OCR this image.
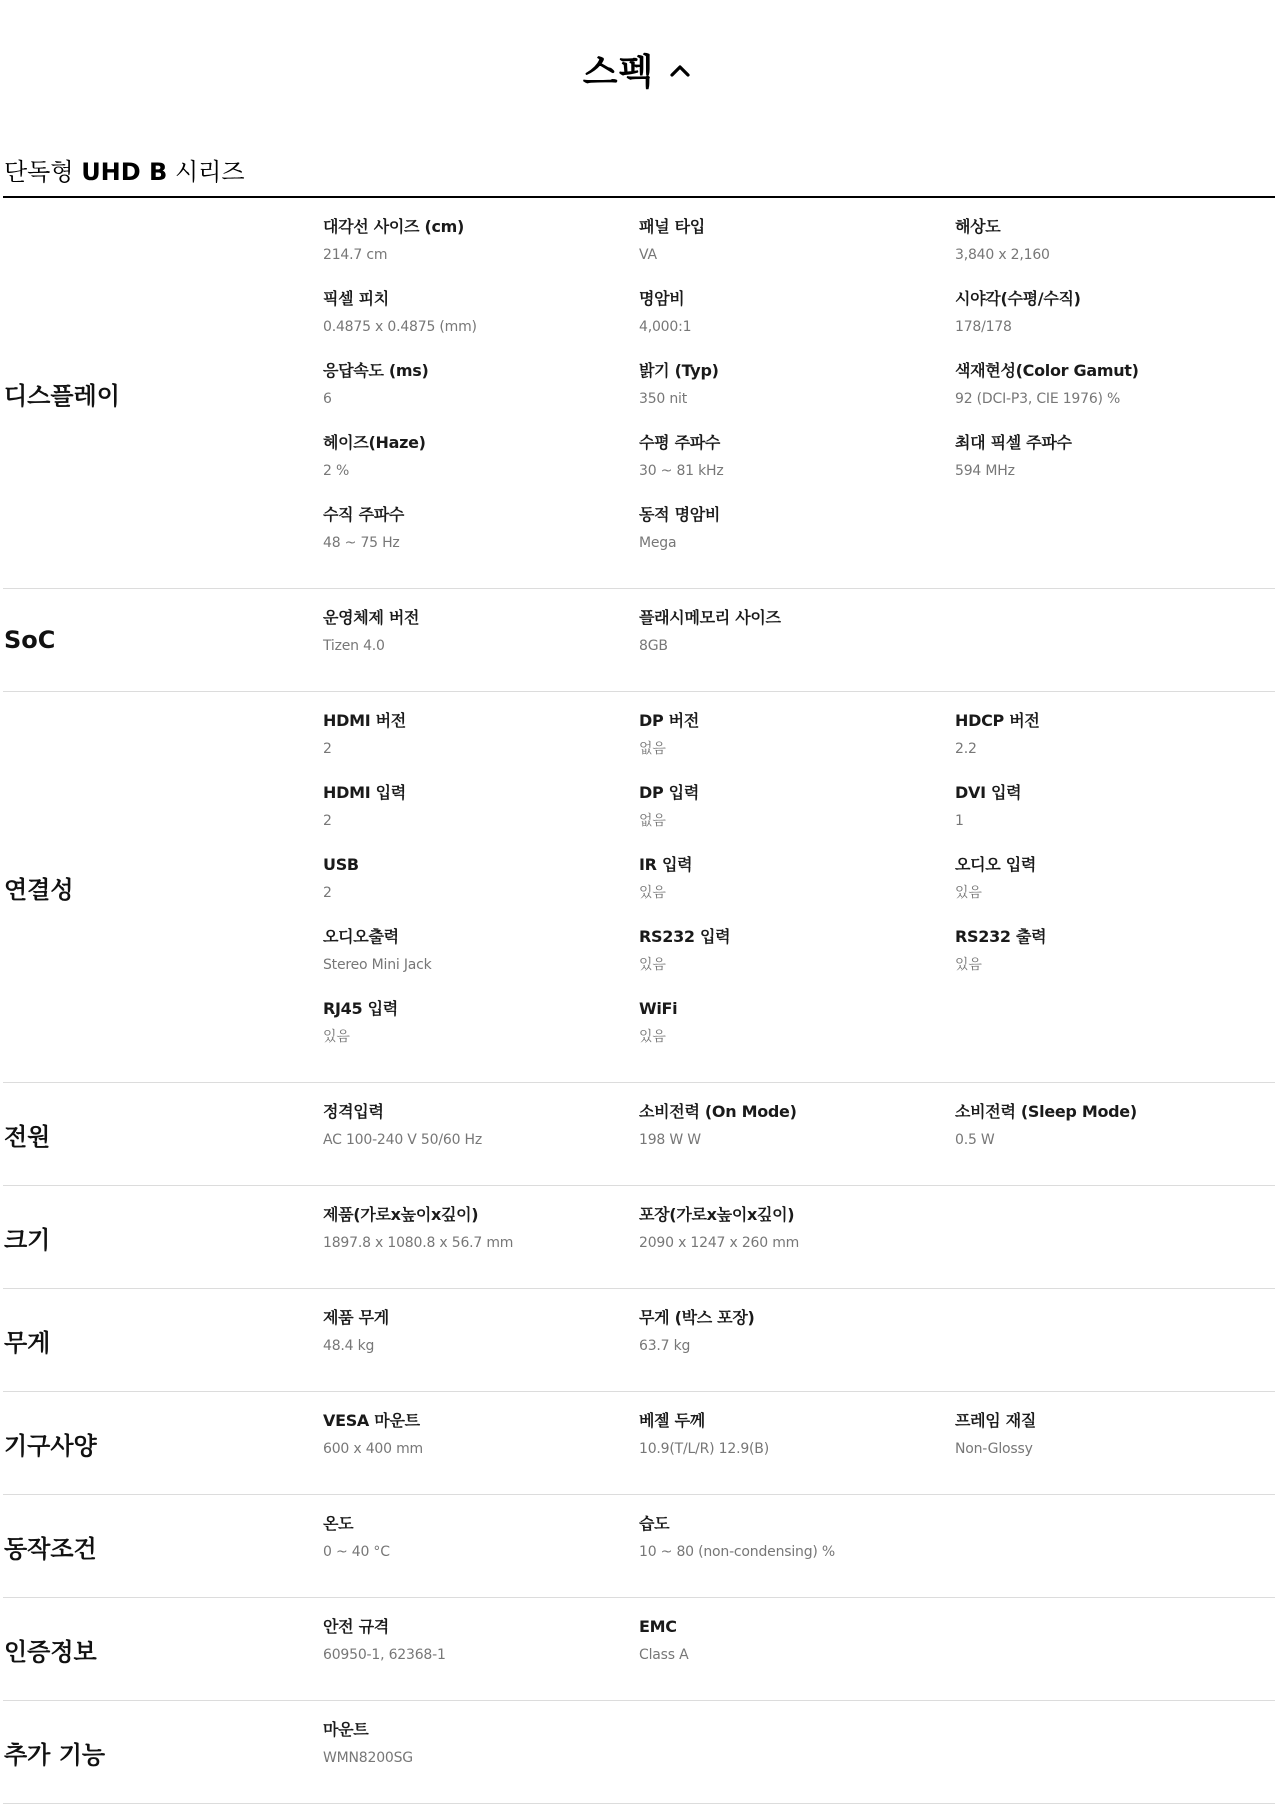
스펙
단독형 UHD B 시리즈
디스플레이
대각선 사이즈 (cm)
214.7 cm
패널 타입
VA
해상도
3,840 x 2,160
픽셀 피치
0.4875 x 0.4875 (mm)
명암비
4,000:1
시야각(수평/수직)
178/178
응답속도 (ms)
6
밝기 (Typ)
350 nit
색재현성(Color Gamut)
92 (DCI-P3, CIE 1976) %
헤이즈(Haze)
2 %
수평 주파수
30 ~ 81 kHz
최대 픽셀 주파수
594 MHz
수직 주파수
48 ~ 75 Hz
동적 명암비
Mega
SoC
운영체제 버전
Tizen 4.0
플래시메모리 사이즈
8GB
연결성
HDMI 버전
2
DP 버전
없음
HDCP 버전
2.2
HDMI 입력
2
DP 입력
없음
DVI 입력
1
USB
2
IR 입력
있음
오디오 입력
있음
오디오출력
Stereo Mini Jack
RS232 입력
있음
RS232 출력
있음
RJ45 입력
있음
WiFi
있음
전원
정격입력
AC 100-240 V 50/60 Hz
소비전력 (On Mode)
198 W W
소비전력 (Sleep Mode)
0.5 W
크기
제품(가로x높이x깊이)
1897.8 x 1080.8 x 56.7 mm
포장(가로x높이x깊이)
2090 x 1247 x 260 mm
무게
제품 무게
48.4 kg
무게 (박스 포장)
63.7 kg
기구사양
VESA 마운트
600 x 400 mm
베젤 두께
10.9(T/L/R) 12.9(B)
프레임 재질
Non-Glossy
동작조건
온도
0 ~ 40 °C
습도
10 ~ 80 (non-condensing) %
인증정보
안전 규격
60950-1, 62368-1
EMC
Class A
추가 기능
마운트
WMN8200SG
